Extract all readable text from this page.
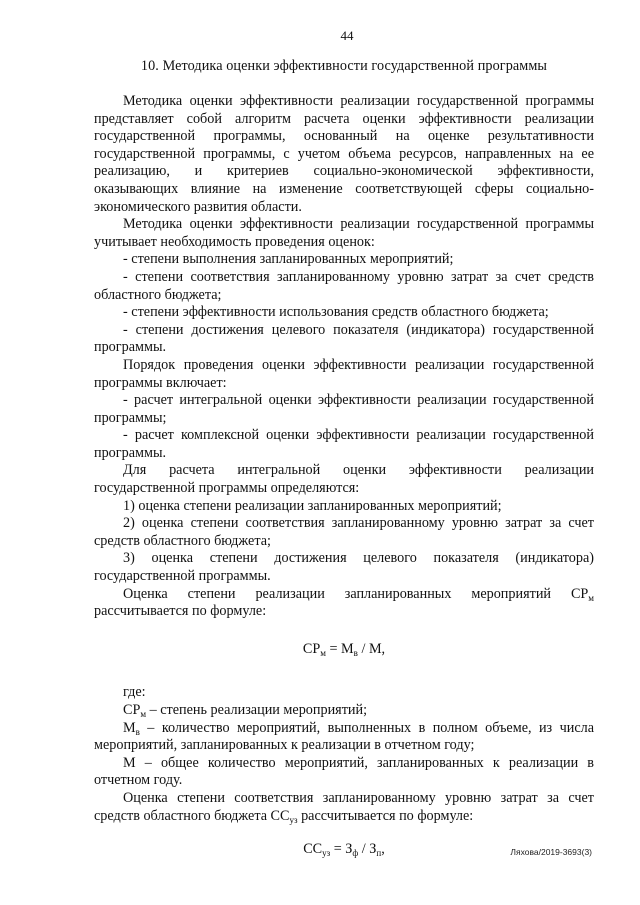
44
10. Методика оценки эффективности государственной программы

Методика оценки эффективности реализации государственной программы представляет собой алгоритм расчета оценки эффективности реализации государственной программы, основанный на оценке результативности государственной программы, с учетом объема ресурсов, направленных на ее реализацию, и критериев социально-экономической эффективности, оказывающих влияние на изменение соответствующей сферы социально-экономического развития области.

Методика оценки эффективности реализации государственной программы учитывает необходимость проведения оценок:

- степени выполнения запланированных мероприятий;

- степени соответствия запланированному уровню затрат за счет средств областного бюджета;

- степени эффективности использования средств областного бюджета;

- степени достижения целевого показателя (индикатора) государственной программы.

Порядок проведения оценки эффективности реализации государственной программы включает:

- расчет интегральной оценки эффективности реализации государственной программы;

- расчет комплексной оценки эффективности реализации государственной программы.

Для расчета интегральной оценки эффективности реализации государственной программы определяются:

1) оценка степени реализации запланированных мероприятий;

2) оценка степени соответствия запланированному уровню затрат за счет средств областного бюджета;

3) оценка степени достижения целевого показателя (индикатора) государственной программы.

Оценка степени реализации запланированных мероприятий $СР_м$ рассчитывается по формуле:

$СР_м = М_в / М$,

где:

$СР_м$ – степень реализации мероприятий;

$М_в$ – количество мероприятий, выполненных в полном объеме, из числа мероприятий, запланированных к реализации в отчетном году;

М – общее количество мероприятий, запланированных к реализации в отчетном году.

Оценка степени соответствия запланированному уровню затрат за счет средств областного бюджета $СС_{уз}$ рассчитывается по формуле:

$СС_{уз} = З_ф / З_п$,	Ляхова/2019-3693(3)
